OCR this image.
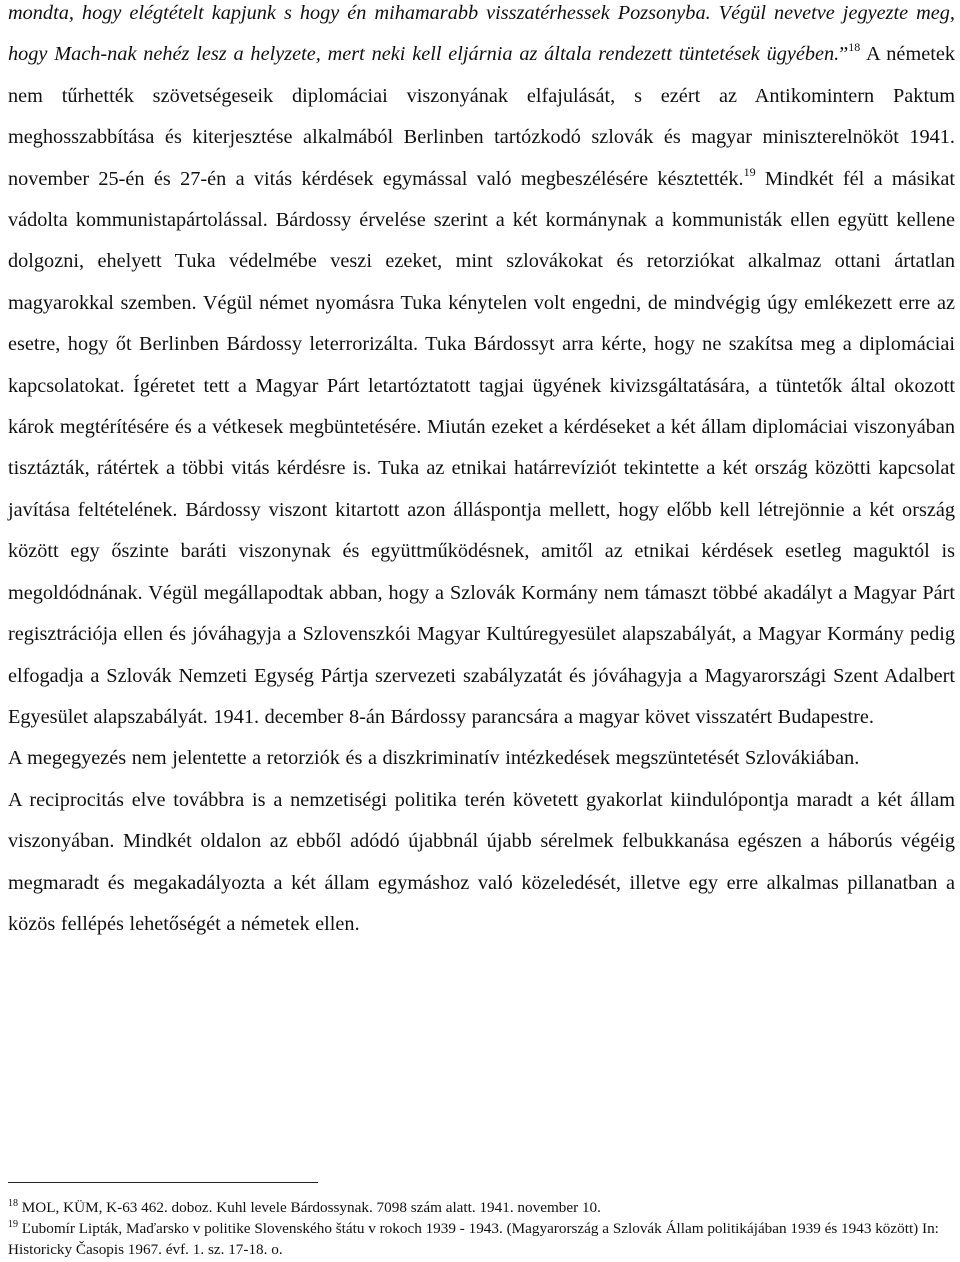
mondta, hogy elégtételt kapjunk s hogy én mihamarabb visszatérhessek Pozsonyba. Végül nevetve jegyezte meg, hogy Mach-nak nehéz lesz a helyzete, mert neki kell eljárnia az általa rendezett tüntetések ügyében.”$^{18}$ A németek nem tűrhették szövetségeseik diplomáciai viszonyának elfajulását, s ezért az Antikomintern Paktum meghosszabbítása és kiterjesztése alkalmából Berlinben tartózkodó szlovák és magyar miniszterelnököt 1941. november 25-én és 27-én a vitás kérdések egymással való megbeszélésére késztették.$^{19}$ Mindkét fél a másikat vádolta kommunistapártolással. Bárdossy érvelése szerint a két kormánynak a kommunisták ellen együtt kellene dolgozni, ehelyett Tuka védelmébe veszi ezeket, mint szlovákokat és retorziókat alkalmaz ottani ártatlan magyarokkal szemben. Végül német nyomásra Tuka kénytelen volt engedni, de mindvégig úgy emlékezett erre az esetre, hogy őt Berlinben Bárdossy leterrorizálta. Tuka Bárdossyt arra kérte, hogy ne szakítsa meg a diplomáciai kapcsolatokat. Ígéretet tett a Magyar Párt letartóztatott tagjai ügyének kivizsgáltatására, a tüntetők által okozott károk megtérítésére és a vétkesek megbüntetésére. Miután ezeket a kérdéseket a két állam diplomáciai viszonyában tisztázták, rátértek a többi vitás kérdésre is. Tuka az etnikai határrevíziót tekintette a két ország közötti kapcsolat javítása feltételének. Bárdossy viszont kitartott azon álláspontja mellett, hogy előbb kell létrejönnie a két ország között egy őszinte baráti viszonynak és együttműködésnek, amitől az etnikai kérdések esetleg maguktól is megoldódnának. Végül megállapodtak abban, hogy a Szlovák Kormány nem támaszt többé akadályt a Magyar Párt regisztrációja ellen és jóváhagyja a Szlovenszkói Magyar Kultúregyesület alapszabályát, a Magyar Kormány pedig elfogadja a Szlovák Nemzeti Egység Pártja szervezeti szabályzatát és jóváhagyja a Magyarországi Szent Adalbert Egyesület alapszabályát. 1941. december 8-án Bárdossy parancsára a magyar követ visszatért Budapestre.

A megegyezés nem jelentette a retorziók és a diszkriminatív intézkedések megszüntetését Szlovákiában.

A reciprocitás elve továbbra is a nemzetiségi politika terén követett gyakorlat kiindulópontja maradt a két állam viszonyában. Mindkét oldalon az ebből adódó újabbnál újabb sérelmek felbukkanása egészen a háborús végéig megmaradt és megakadályozta a két állam egymáshoz való közeledését, illetve egy erre alkalmas pillanatban a közös fellépés lehetőségét a németek ellen.

$^{18}$ MOL, KÜM, K-63 462. doboz. Kuhl levele Bárdossynak. 7098 szám alatt. 1941. november 10.

$^{19}$ Ľubomír Lipták, Maďarsko v politike Slovenského štátu v rokoch 1939 - 1943. (Magyarország a Szlovák Állam politikájában 1939 és 1943 között) In: Historicky Časopis 1967. évf. 1. sz. 17-18. o.
